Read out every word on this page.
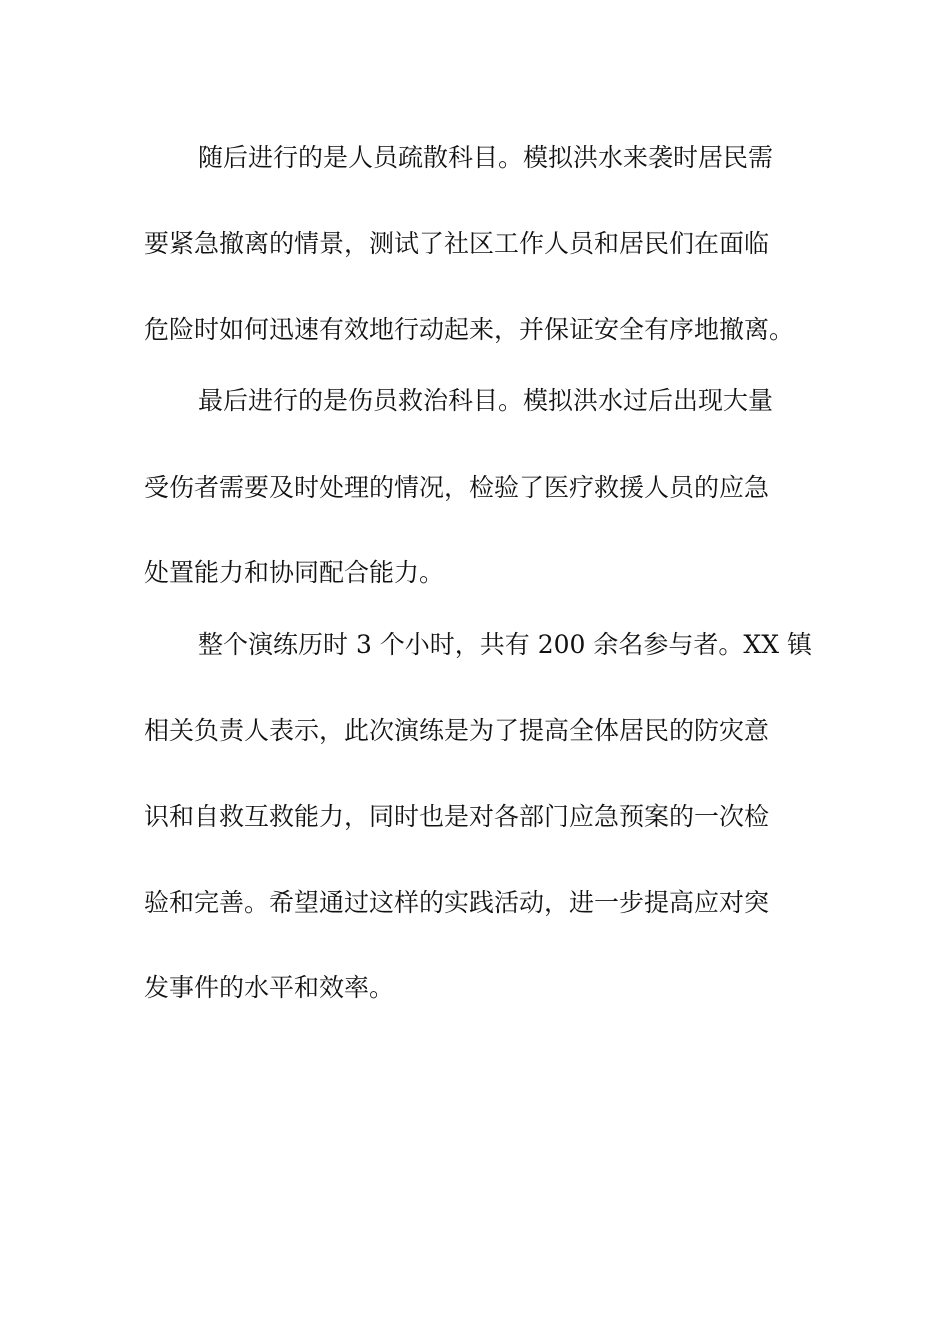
随后进行的是人员疏散科目。模拟洪水来袭时居民需
要紧急撤离的情景，测试了社区工作人员和居民们在面临
危险时如何迅速有效地行动起来，并保证安全有序地撤离。
最后进行的是伤员救治科目。模拟洪水过后出现大量
受伤者需要及时处理的情况，检验了医疗救援人员的应急
处置能力和协同配合能力。
整个演练历时 3 个小时，共有 200 余名参与者。XX 镇
相关负责人表示，此次演练是为了提高全体居民的防灾意
识和自救互救能力，同时也是对各部门应急预案的一次检
验和完善。希望通过这样的实践活动，进一步提高应对突
发事件的水平和效率。
